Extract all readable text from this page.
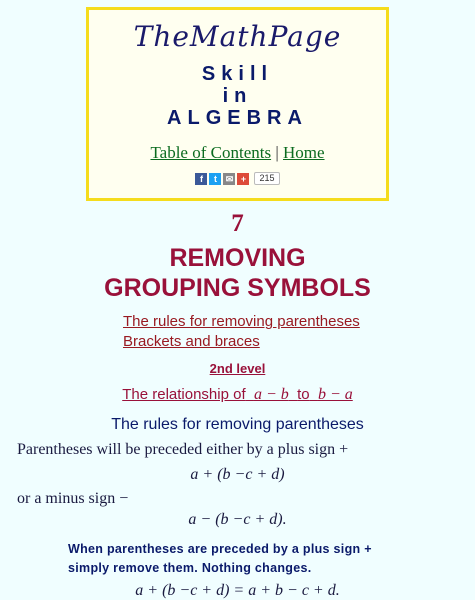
TheMathPage
Skill
in
ALGEBRA
Table of Contents | Home
f	t ✉ +	215
7
REMOVING
GROUPING SYMBOLS
The rules for removing parentheses
Brackets and braces
2nd level
The relationship of a − b to b − a
The rules for removing parentheses
Parentheses will be preceded either by a plus sign +
a + (b −c + d)
or a minus sign −
a − (b −c + d).
When parentheses are preceded by a plus sign +
simply remove them. Nothing changes.
a + (b −c + d) = a + b − c + d.
